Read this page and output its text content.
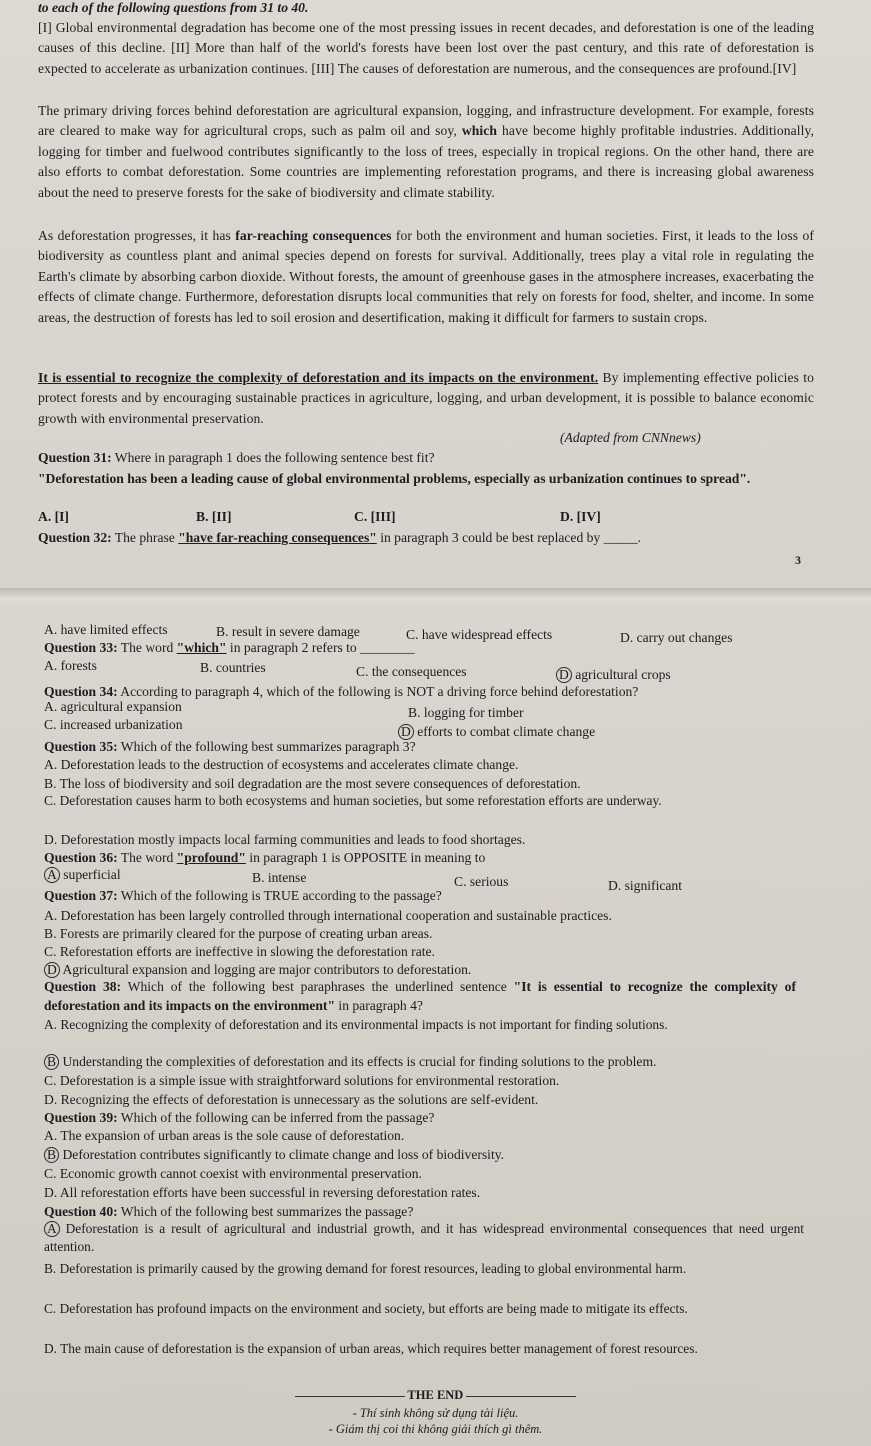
to each of the following questions from 31 to 40.
[I] Global environmental degradation has become one of the most pressing issues in recent decades, and deforestation is one of the leading causes of this decline. [II] More than half of the world's forests have been lost over the past century, and this rate of deforestation is expected to accelerate as urbanization continues. [III] The causes of deforestation are numerous, and the consequences are profound.[IV]
The primary driving forces behind deforestation are agricultural expansion, logging, and infrastructure development. For example, forests are cleared to make way for agricultural crops, such as palm oil and soy, which have become highly profitable industries. Additionally, logging for timber and fuelwood contributes significantly to the loss of trees, especially in tropical regions. On the other hand, there are also efforts to combat deforestation. Some countries are implementing reforestation programs, and there is increasing global awareness about the need to preserve forests for the sake of biodiversity and climate stability.
As deforestation progresses, it has far-reaching consequences for both the environment and human societies. First, it leads to the loss of biodiversity as countless plant and animal species depend on forests for survival. Additionally, trees play a vital role in regulating the Earth's climate by absorbing carbon dioxide. Without forests, the amount of greenhouse gases in the atmosphere increases, exacerbating the effects of climate change. Furthermore, deforestation disrupts local communities that rely on forests for food, shelter, and income. In some areas, the destruction of forests has led to soil erosion and desertification, making it difficult for farmers to sustain crops.
It is essential to recognize the complexity of deforestation and its impacts on the environment. By implementing effective policies to protect forests and by encouraging sustainable practices in agriculture, logging, and urban development, it is possible to balance economic growth with environmental preservation.
(Adapted from CNNnews)
Question 31: Where in paragraph 1 does the following sentence best fit?
"Deforestation has been a leading cause of global environmental problems, especially as urbanization continues to spread".
A. [I]	B. [II]	C. [III]	D. [IV]
Question 32: The phrase "have far-reaching consequences" in paragraph 3 could be best replaced by _____.
3
A. have limited effects	B. result in severe damage	C. have widespread effects	D. carry out changes
Question 33: The word "which" in paragraph 2 refers to ________
A. forests	B. countries	C. the consequences	D agricultural crops
Question 34: According to paragraph 4, which of the following is NOT a driving force behind deforestation?
A. agricultural expansion	B. logging for timber
C. increased urbanization	D efforts to combat climate change
Question 35: Which of the following best summarizes paragraph 3?
A. Deforestation leads to the destruction of ecosystems and accelerates climate change.
B. The loss of biodiversity and soil degradation are the most severe consequences of deforestation.
C. Deforestation causes harm to both ecosystems and human societies, but some reforestation efforts are underway.
D. Deforestation mostly impacts local farming communities and leads to food shortages.
Question 36: The word "profound" in paragraph 1 is OPPOSITE in meaning to
A superficial	B. intense	C. serious	D. significant
Question 37: Which of the following is TRUE according to the passage?
A. Deforestation has been largely controlled through international cooperation and sustainable practices.
B. Forests are primarily cleared for the purpose of creating urban areas.
C. Reforestation efforts are ineffective in slowing the deforestation rate.
D Agricultural expansion and logging are major contributors to deforestation.
Question 38: Which of the following best paraphrases the underlined sentence "It is essential to recognize the complexity of deforestation and its impacts on the environment" in paragraph 4?
A. Recognizing the complexity of deforestation and its environmental impacts is not important for finding solutions.
B Understanding the complexities of deforestation and its effects is crucial for finding solutions to the problem.
C. Deforestation is a simple issue with straightforward solutions for environmental restoration.
D. Recognizing the effects of deforestation is unnecessary as the solutions are self-evident.
Question 39: Which of the following can be inferred from the passage?
A. The expansion of urban areas is the sole cause of deforestation.
B Deforestation contributes significantly to climate change and loss of biodiversity.
C. Economic growth cannot coexist with environmental preservation.
D. All reforestation efforts have been successful in reversing deforestation rates.
Question 40: Which of the following best summarizes the passage?
A Deforestation is a result of agricultural and industrial growth, and it has widespread environmental consequences that need urgent attention.
B. Deforestation is primarily caused by the growing demand for forest resources, leading to global environmental harm.
C. Deforestation has profound impacts on the environment and society, but efforts are being made to mitigate its effects.
D. The main cause of deforestation is the expansion of urban areas, which requires better management of forest resources.
THE END
- Thí sinh không sử dụng tài liệu.
- Giám thị coi thi không giải thích gì thêm.
